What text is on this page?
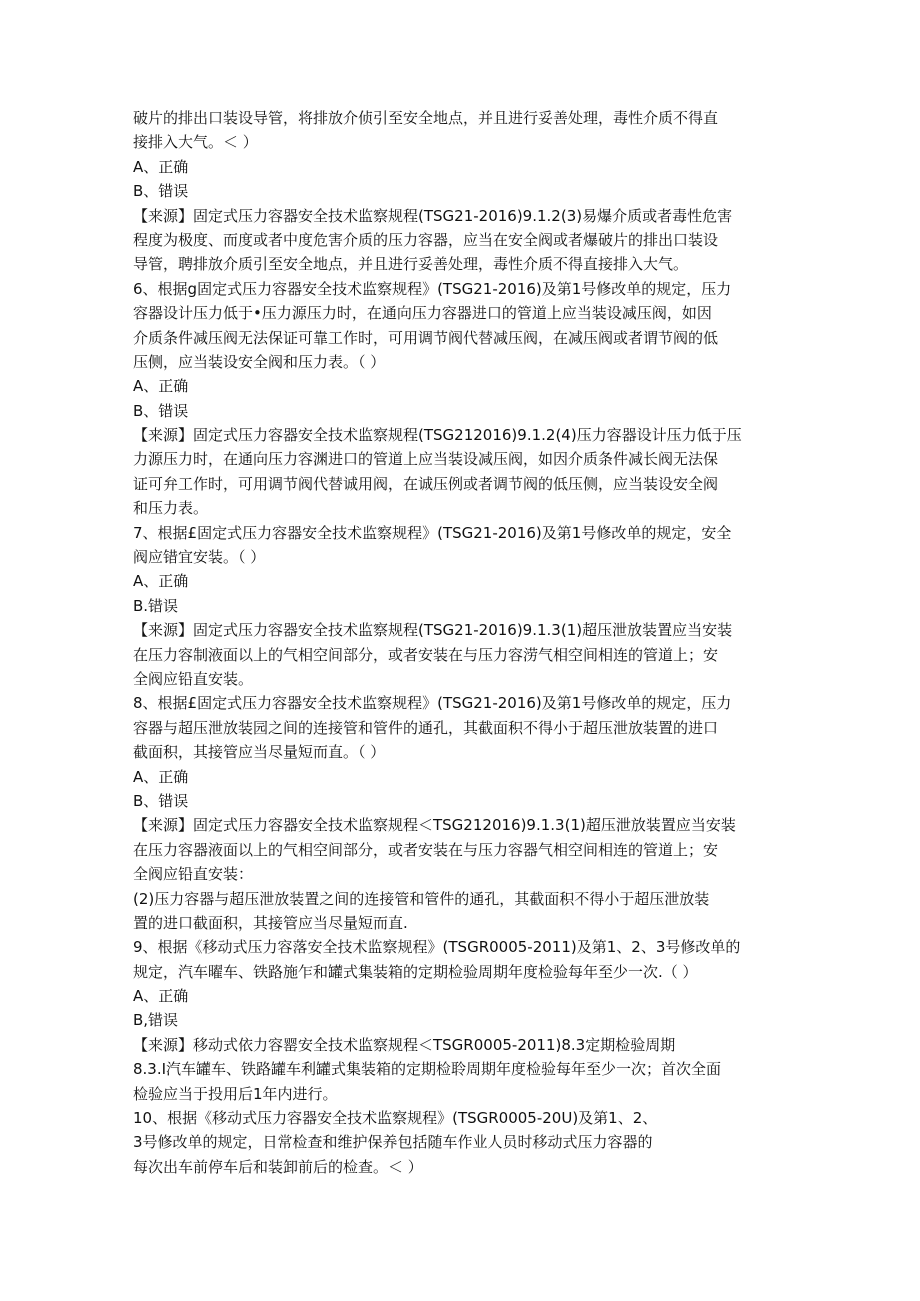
破片的排出口装设导管，将排放介侦引至安全地点，并且进行妥善处理，毒性介质不得直
接排入大气。＜ ）
A、正确
B、错误
【来源】固定式压力容器安全技术监察规程(TSG21-2016)9.1.2(3)易爆介质或者毒性危害
程度为极度、而度或者中度危害介质的压力容器，应当在安全阀或者爆破片的排出口装设
导管，聘排放介质引至安全地点，并且进行妥善处理，毒性介质不得直接排入大气。
6、根据g固定式压力容器安全技术监察规程》(TSG21-2016)及第1号修改单的规定，压力
容器设计压力低于•压力源压力时，在通向压力容器进口的管道上应当装设减压阀，如因
介质条件减压阀无法保证可靠工作时，可用调节阀代替减压阀，在减压阀或者谓节阀的低
压侧，应当装设安全阀和压力表。（ ）
A、正确
B、错误
【来源】固定式压力容器安全技术监察规程(TSG212016)9.1.2(4)压力容器设计压力低于压
力源压力时，在通向压力容渊进口的管道上应当装设减压阀，如因介质条件减长阀无法保
证可弁工作时，可用调节阀代替诚用阀，在诚压例或者调节阀的低压侧，应当装设安全阀
和压力表。
7、根据£固定式压力容器安全技术监察规程》(TSG21-2016)及第1号修改单的规定，安全
阀应错宜安装。（ ）
A、正确
B.错误
【来源】固定式压力容器安全技术监察规程(TSG21-2016)9.1.3(1)超压泄放装置应当安装
在压力容制液面以上的气相空间部分，或者安装在与压力容涝气相空间相连的管道上；安
全阀应铅直安装。
8、根据£固定式压力容器安全技术监察规程》(TSG21-2016)及第1号修改单的规定，压力
容器与超压泄放装园之间的连接管和管件的通孔，其截面积不得小于超压泄放装置的进口
截面积，其接管应当尽量短而直。（ ）
A、正确
B、错误
【来源】固定式压力容器安全技术监察规程＜TSG212016)9.1.3(1)超压泄放装置应当安装
在压力容器液面以上的气相空间部分，或者安装在与压力容器气相空间相连的管道上；安
全阀应铅直安装：
(2)压力容器与超压泄放装置之间的连接管和管件的通孔，其截面积不得小于超压泄放装
置的进口截面积，其接管应当尽量短而直.
9、根据《移动式压力容落安全技术监察规程》(TSGR0005-2011)及第1、2、3号修改单的
规定，汽车曜车、铁路施乍和罐式集装箱的定期检验周期年度检验每年至少一次.（ ）
A、正确
B,错误
【来源】移动式依力容罂安全技术监察规程＜TSGR0005-2011)8.3定期检验周期
8.3.I汽车罐车、铁路罐车利罐式集装箱的定期检聆周期年度检验每年至少一次；首次全面
检验应当于投用后1年内进行。
10、根据《移动式压力容器安全技术监察规程》(TSGR0005-20U)及第1、2、
3号修改单的规定，日常检查和维护保养包括随车作业人员时移动式压力容器的
每次出车前停车后和装卸前后的检查。＜ ）
